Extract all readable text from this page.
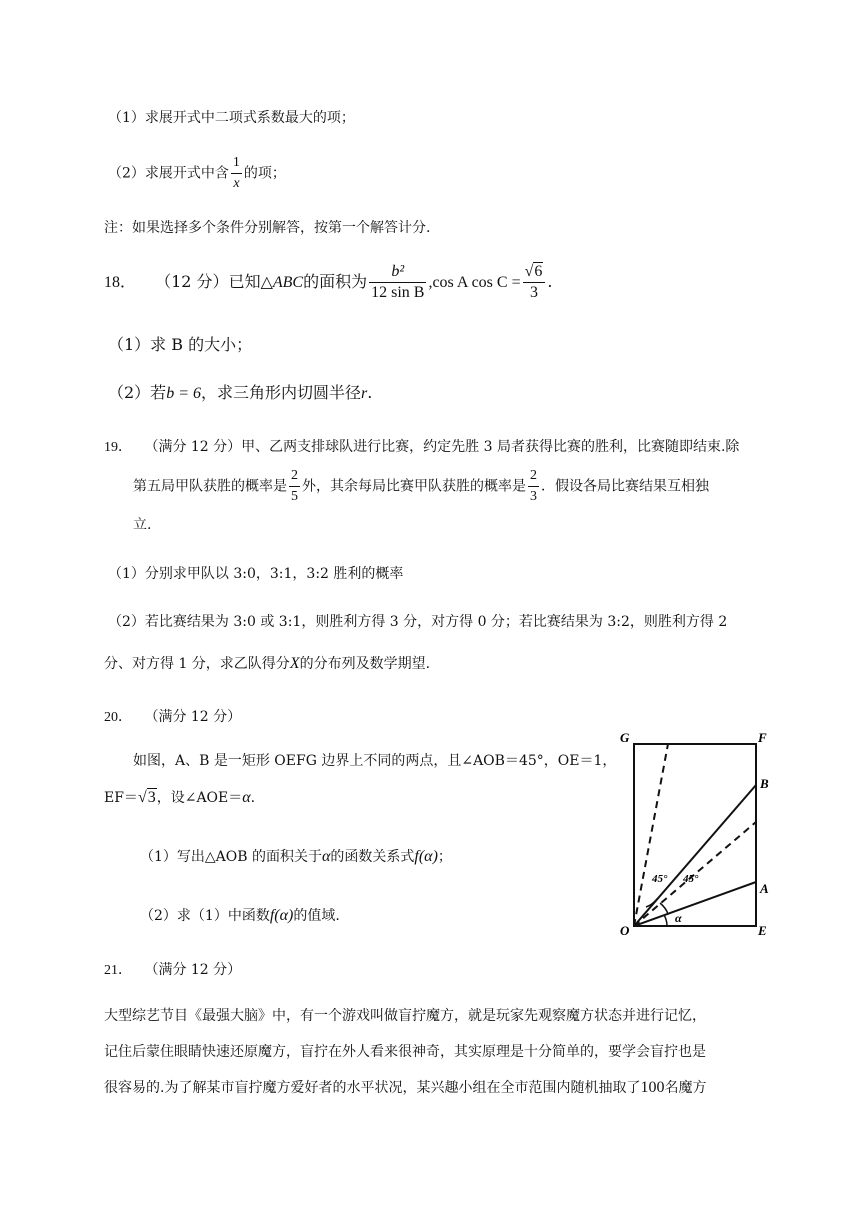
（1）求展开式中二项式系数最大的项；
（2）求展开式中含 $\frac{1}{x}$ 的项；
注：如果选择多个条件分别解答，按第一个解答计分.
18． （12 分）已知△ABC的面积为 $\frac{\text{b²}}{\text{12 sin B}} ,\cos$ A $\cos C = \frac{√6}{3}$ .
（1）求 B 的大小；
（2）若b = 6，求三角形内切圆半径r.
19． （满分 12 分）甲、乙两支排球队进行比赛，约定先胜 3 局者获得比赛的胜利，比赛随即结束.除
第五局甲队获胜的概率是 $\frac{2}{5}$ 外，其余每局比赛甲队获胜的概率是 $\frac{2}{3}$ ．假设各局比赛结果互相独
立.
（1）分别求甲队以 3:0，3:1，3:2 胜利的概率
（2）若比赛结果为 3:0 或 3:1，则胜利方得 3 分，对方得 0 分；若比赛结果为 3:2，则胜利方得 2
分、对方得 1 分，求乙队得分X的分布列及数学期望.
20． （满分 12 分）
如图，A、B 是一矩形 OEFG 边界上不同的两点，且∠AOB＝45°，OE＝1，
EF＝√3，设∠AOE＝α.
（1）写出△AOB 的面积关于α的函数关系式f(α)；
（2）求（1）中函数f(α)的值域.
G	F
B
A
O	E
45° 45°
α
21． （满分 12 分）
大型综艺节目《最强大脑》中，有一个游戏叫做盲拧魔方，就是玩家先观察魔方状态并进行记忆，
记住后蒙住眼睛快速还原魔方，盲拧在外人看来很神奇，其实原理是十分简单的，要学会盲拧也是
很容易的.为了解某市盲拧魔方爱好者的水平状况，某兴趣小组在全市范围内随机抽取了100名魔方
